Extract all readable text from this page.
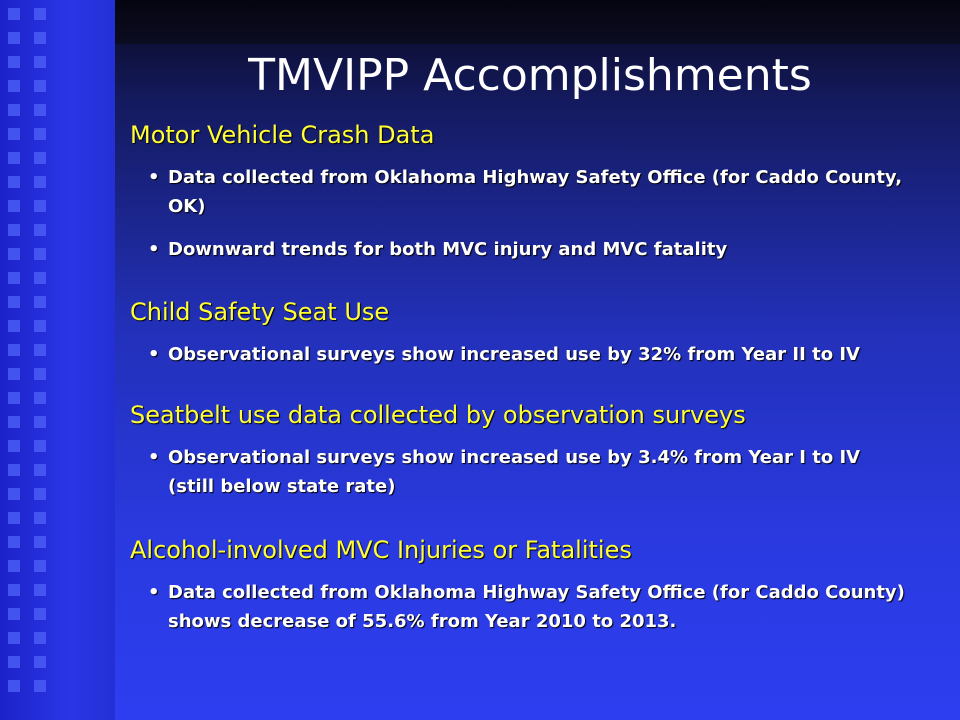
TMVIPP Accomplishments
Motor Vehicle Crash Data
• Data collected from Oklahoma Highway Safety Office (for Caddo County, OK)
• Downward trends for both MVC injury and MVC fatality
Child Safety Seat Use
• Observational surveys show increased use by 32% from Year II to IV
Seatbelt use data collected by observation surveys
• Observational surveys show increased use by 3.4% from Year I to IV (still below state rate)
Alcohol-involved MVC Injuries or Fatalities
• Data collected from Oklahoma Highway Safety Office (for Caddo County) shows decrease of 55.6% from Year 2010 to 2013.
